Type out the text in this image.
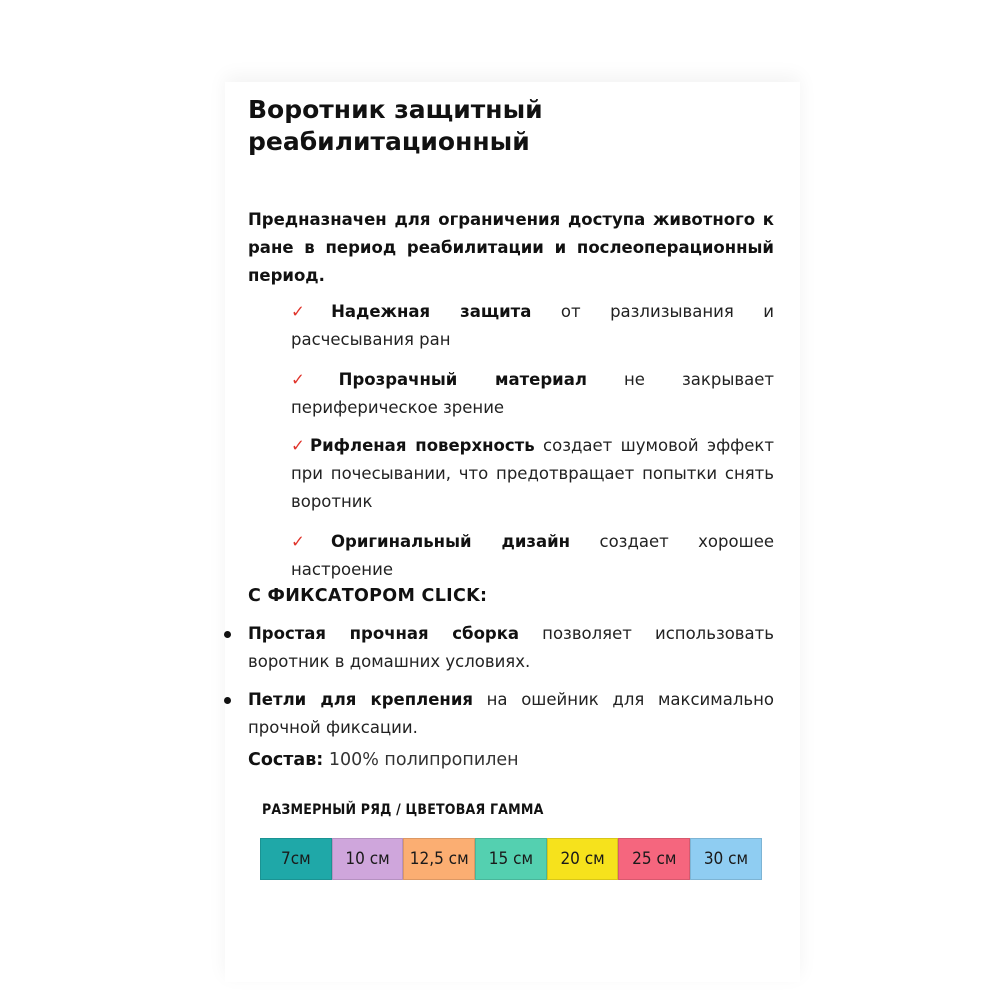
Воротник защитный
реабилитационный

Предназначен для ограничения доступа животного к ране в период реабилитации и послеоперационный период.

✓ Надежная защита от разлизывания и расчесывания ран
✓ Прозрачный материал не закрывает периферическое зрение
✓ Рифленая поверхность создает шумовой эффект при почесывании, что предотвращает попытки снять воротник
✓ Оригинальный дизайн создает хорошее настроение
С ФИКСАТОРОМ CLICK:
Простая прочная сборка позволяет использовать воротник в домашних условиях.
Петли для крепления на ошейник для максимально прочной фиксации.

Состав: 100% полипропилен

РАЗМЕРНЫЙ РЯД / ЦВЕТОВАЯ ГАММА

7см	10 см	12,5 см	15 см	20 см	25 см	30 см
